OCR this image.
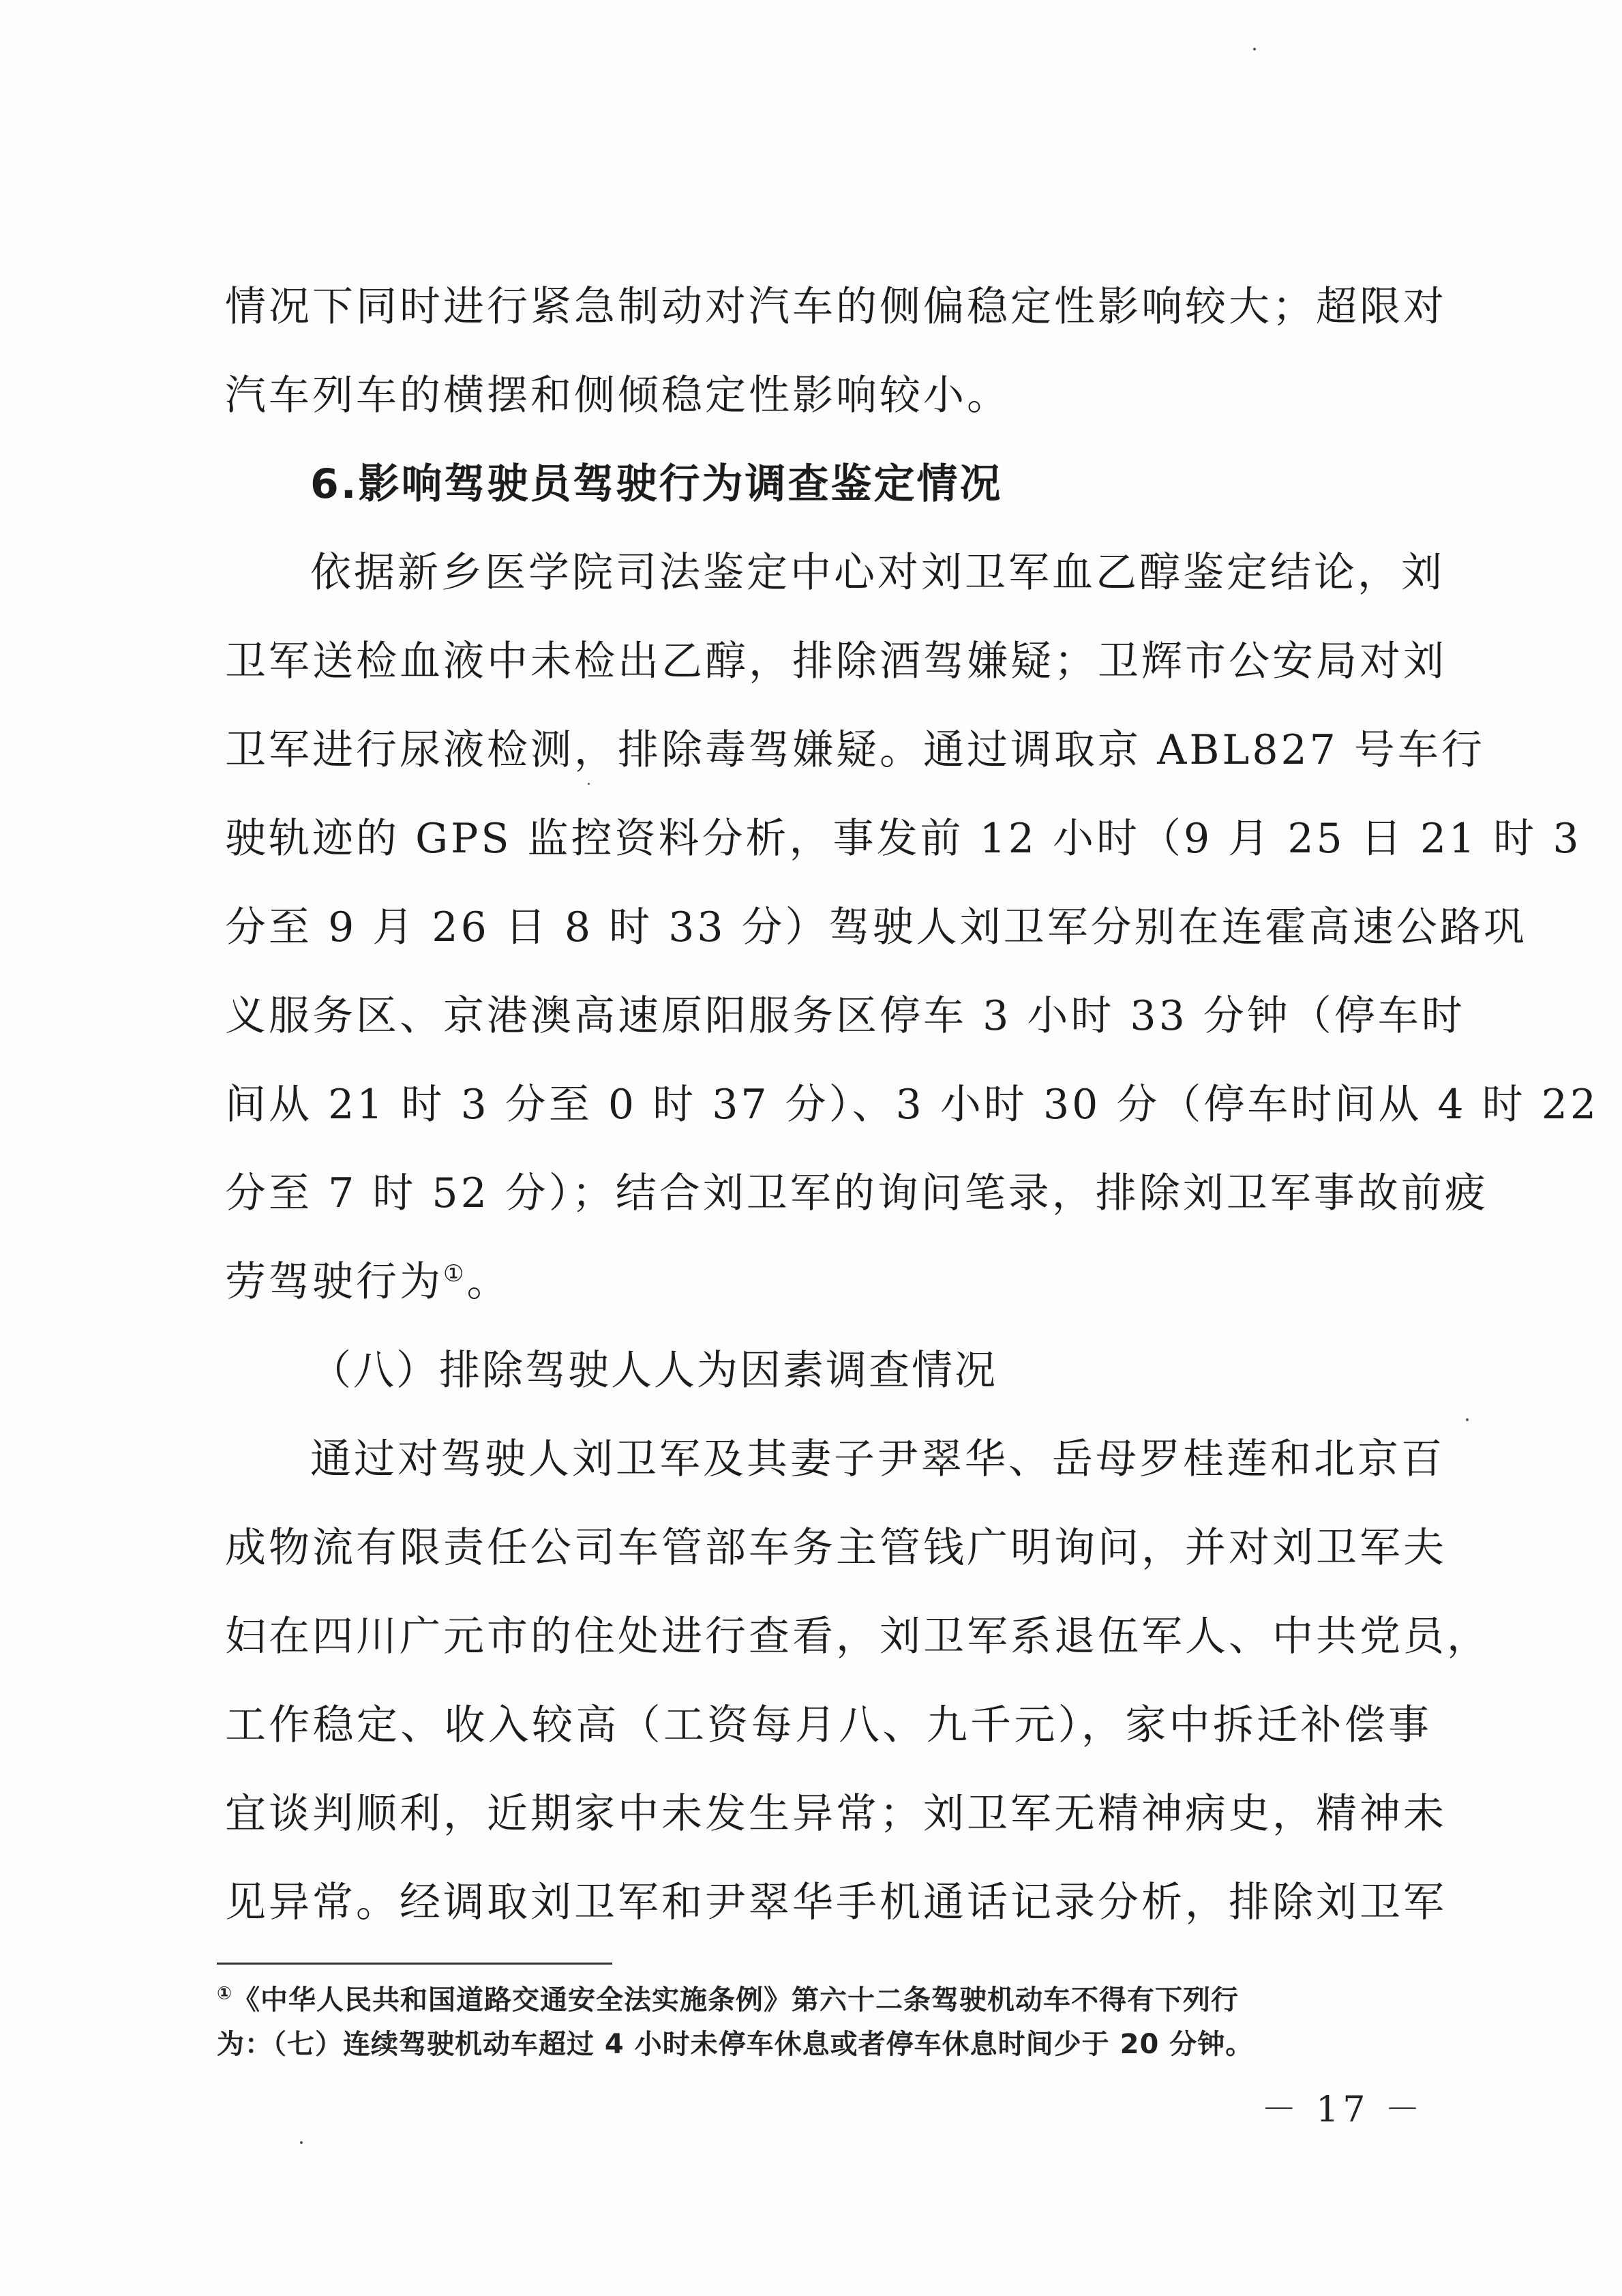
情况下同时进行紧急制动对汽车的侧偏稳定性影响较大；超限对
汽车列车的横摆和侧倾稳定性影响较小。
6.影响驾驶员驾驶行为调查鉴定情况
依据新乡医学院司法鉴定中心对刘卫军血乙醇鉴定结论，刘
卫军送检血液中未检出乙醇，排除酒驾嫌疑；卫辉市公安局对刘
卫军进行尿液检测，排除毒驾嫌疑。通过调取京 ABL827 号车行
驶轨迹的 GPS 监控资料分析，事发前 12 小时（9 月 25 日 21 时 3
分至 9 月 26 日 8 时 33 分）驾驶人刘卫军分别在连霍高速公路巩
义服务区、京港澳高速原阳服务区停车 3 小时 33 分钟（停车时
间从 21 时 3 分至 0 时 37 分）、3 小时 30 分（停车时间从 4 时 22
分至 7 时 52 分）；结合刘卫军的询问笔录，排除刘卫军事故前疲
劳驾驶行为①。
（八）排除驾驶人人为因素调查情况
通过对驾驶人刘卫军及其妻子尹翠华、岳母罗桂莲和北京百
成物流有限责任公司车管部车务主管钱广明询问，并对刘卫军夫
妇在四川广元市的住处进行查看，刘卫军系退伍军人、中共党员，
工作稳定、收入较高（工资每月八、九千元），家中拆迁补偿事
宜谈判顺利，近期家中未发生异常；刘卫军无精神病史，精神未
见异常。经调取刘卫军和尹翠华手机通话记录分析，排除刘卫军
①《中华人民共和国道路交通安全法实施条例》第六十二条驾驶机动车不得有下列行
为：（七）连续驾驶机动车超过 4 小时未停车休息或者停车休息时间少于 20 分钟。
－ 17 －
